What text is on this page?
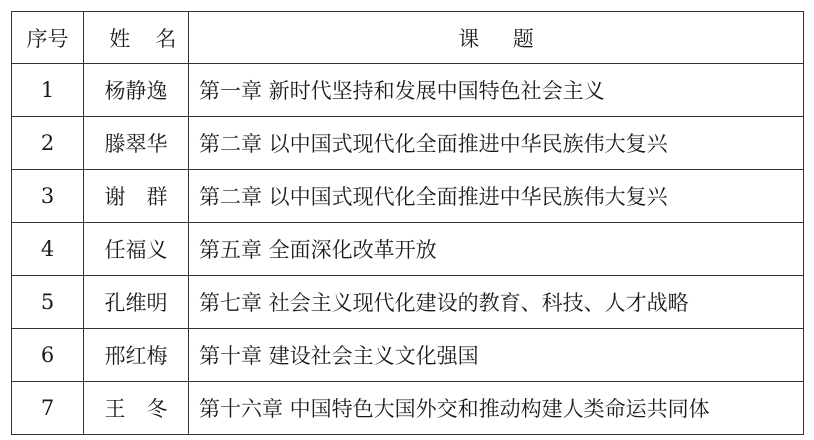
序号	姓名	课题
1	杨静逸	第一章 新时代坚持和发展中国特色社会主义
2	滕翠华	第二章 以中国式现代化全面推进中华民族伟大复兴
3	谢　群	第二章 以中国式现代化全面推进中华民族伟大复兴
4	任福义	第五章 全面深化改革开放
5	孔维明	第七章 社会主义现代化建设的教育、科技、人才战略
6	邢红梅	第十章 建设社会主义文化强国
7	王　冬	第十六章 中国特色大国外交和推动构建人类命运共同体
